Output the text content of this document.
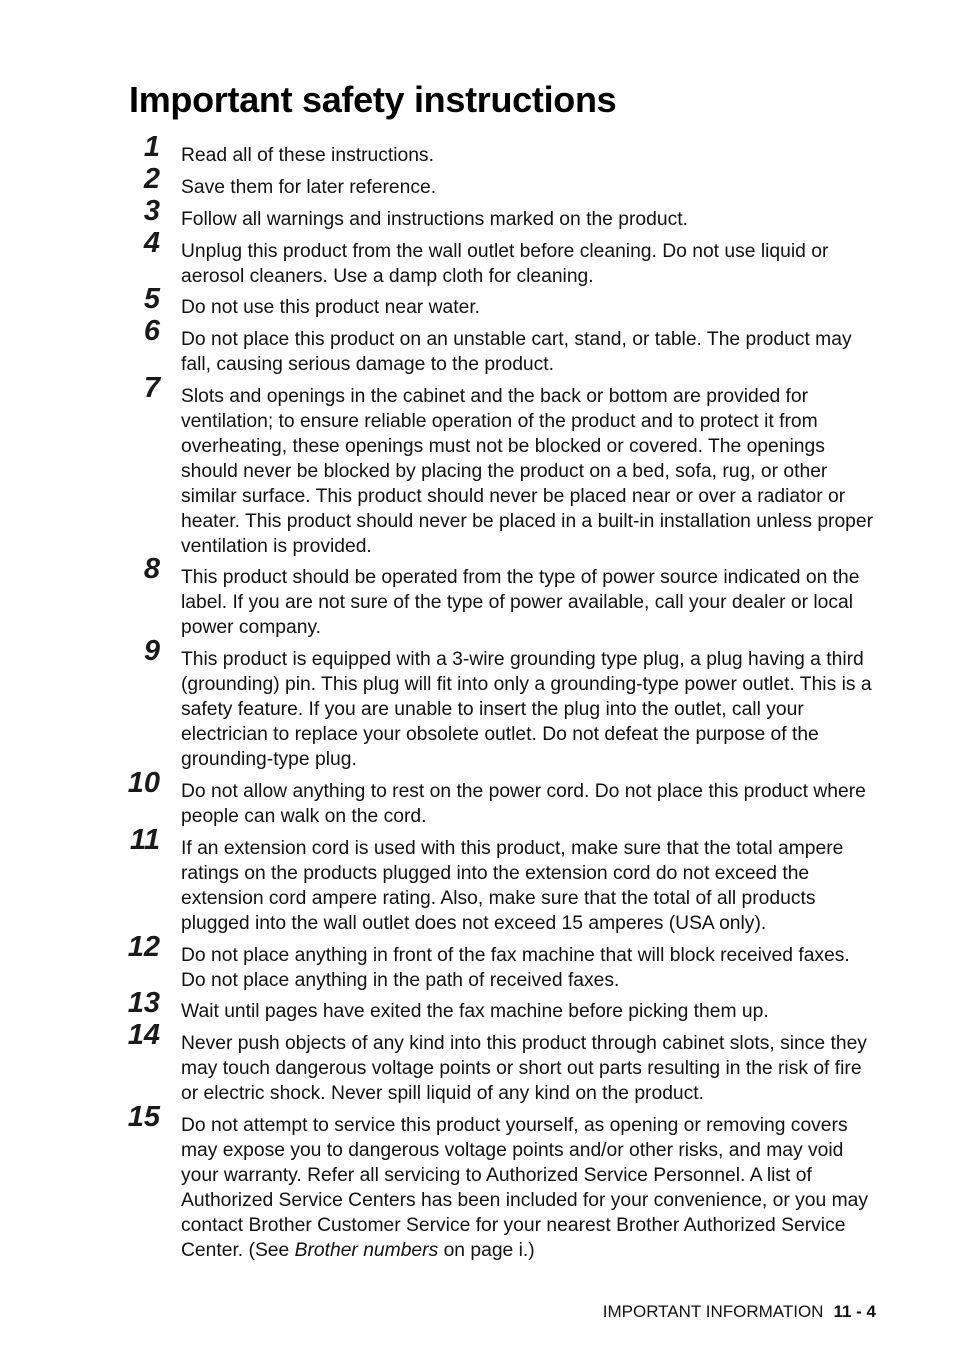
Important safety instructions
1 Read all of these instructions.

2 Save them for later reference.

3 Follow all warnings and instructions marked on the product.

4 Unplug this product from the wall outlet before cleaning. Do not use liquid or aerosol cleaners. Use a damp cloth for cleaning.

5 Do not use this product near water.

6 Do not place this product on an unstable cart, stand, or table. The product may fall, causing serious damage to the product.

7 Slots and openings in the cabinet and the back or bottom are provided for ventilation; to ensure reliable operation of the product and to protect it from overheating, these openings must not be blocked or covered. The openings should never be blocked by placing the product on a bed, sofa, rug, or other similar surface. This product should never be placed near or over a radiator or heater. This product should never be placed in a built-in installation unless proper ventilation is provided.

8 This product should be operated from the type of power source indicated on the label. If you are not sure of the type of power available, call your dealer or local power company.

9 This product is equipped with a 3-wire grounding type plug, a plug having a third (grounding) pin. This plug will fit into only a grounding-type power outlet. This is a safety feature. If you are unable to insert the plug into the outlet, call your electrician to replace your obsolete outlet. Do not defeat the purpose of the grounding-type plug.

10 Do not allow anything to rest on the power cord. Do not place this product where people can walk on the cord.

11 If an extension cord is used with this product, make sure that the total ampere ratings on the products plugged into the extension cord do not exceed the extension cord ampere rating. Also, make sure that the total of all products plugged into the wall outlet does not exceed 15 amperes (USA only).

12 Do not place anything in front of the fax machine that will block received faxes. Do not place anything in the path of received faxes.

13 Wait until pages have exited the fax machine before picking them up.

14 Never push objects of any kind into this product through cabinet slots, since they may touch dangerous voltage points or short out parts resulting in the risk of fire or electric shock. Never spill liquid of any kind on the product.

15 Do not attempt to service this product yourself, as opening or removing covers may expose you to dangerous voltage points and/or other risks, and may void your warranty. Refer all servicing to Authorized Service Personnel. A list of Authorized Service Centers has been included for your convenience, or you may contact Brother Customer Service for your nearest Brother Authorized Service Center. (See Brother numbers on page i.)

IMPORTANT INFORMATION 11 - 4
